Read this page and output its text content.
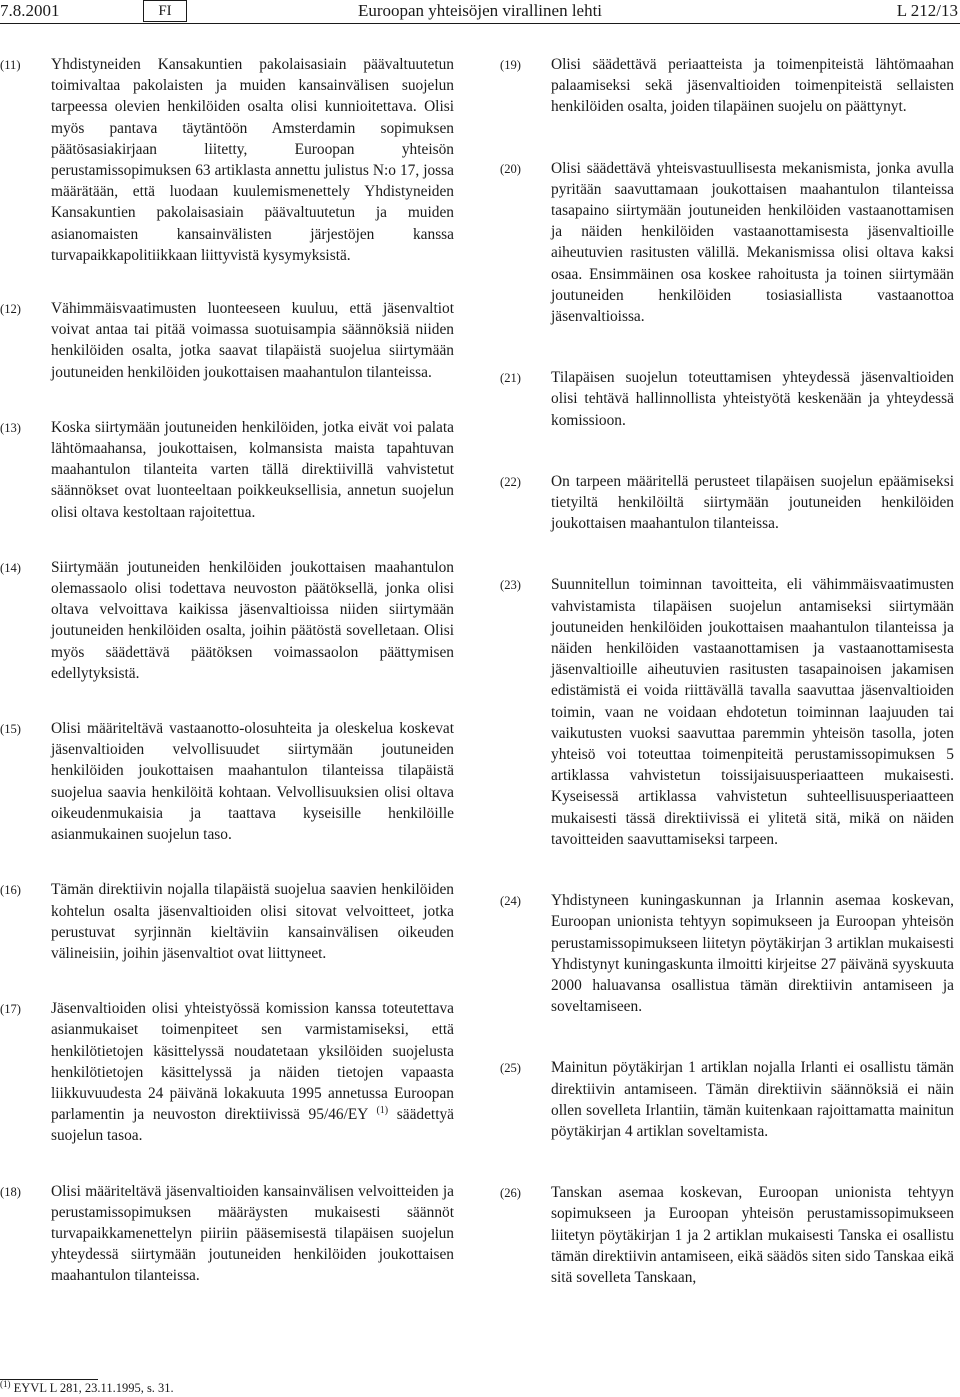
7.8.2001	Euroopan yhteisöjen virallinen lehti
FI	L 212/13
(11) Yhdistyneiden Kansakuntien pakolaisasiain päävaltuutetun toimivaltaa pakolaisten ja muiden kansainvälisen suojelun tarpeessa olevien henkilöiden osalta olisi kunnioitettava. Olisi myös pantava täytäntöön Amsterdamin sopimuksen päätösasiakirjaan liitetty, Euroopan yhteisön perustamissopimuksen 63 artiklasta annettu julistus N:o 17, jossa määrätään, että luodaan kuulemismenettely Yhdistyneiden Kansakuntien pakolaisasiain päävaltuutetun ja muiden asianomaisten kansainvälisten järjestöjen kanssa turvapaikkapolitiikkaan liittyvistä kysymyksistä.
(12) Vähimmäisvaatimusten luonteeseen kuuluu, että jäsenvaltiot voivat antaa tai pitää voimassa suotuisampia säännöksiä niiden henkilöiden osalta, jotka saavat tilapäistä suojelua siirtymään joutuneiden henkilöiden joukottaisen maahantulon tilanteissa.
(13) Koska siirtymään joutuneiden henkilöiden, jotka eivät voi palata lähtömaahansa, joukottaisen, kolmansista maista tapahtuvan maahantulon tilanteita varten tällä direktiivillä vahvistetut säännökset ovat luonteeltaan poikkeuksellisia, annetun suojelun olisi oltava kestoltaan rajoitettua.
(14) Siirtymään joutuneiden henkilöiden joukottaisen maahantulon olemassaolo olisi todettava neuvoston päätöksellä, jonka olisi oltava velvoittava kaikissa jäsenvaltioissa niiden siirtymään joutuneiden henkilöiden osalta, joihin päätöstä sovelletaan. Olisi myös säädettävä päätöksen voimassaolon päättymisen edellytyksistä.
(15) Olisi määriteltävä vastaanotto-olosuhteita ja oleskelua koskevat jäsenvaltioiden velvollisuudet siirtymään joutuneiden henkilöiden joukottaisen maahantulon tilanteissa tilapäistä suojelua saavia henkilöitä kohtaan. Velvollisuuksien olisi oltava oikeudenmukaisia ja taattava kyseisille henkilöille asianmukainen suojelun taso.
(16) Tämän direktiivin nojalla tilapäistä suojelua saavien henkilöiden kohtelun osalta jäsenvaltioiden olisi sitovat velvoitteet, jotka perustuvat syrjinnän kieltäviin kansainvälisen oikeuden välineisiin, joihin jäsenvaltiot ovat liittyneet.
(17) Jäsenvaltioiden olisi yhteistyössä komission kanssa toteutettava asianmukaiset toimenpiteet sen varmistamiseksi, että henkilötietojen käsittelyssä noudatetaan yksilöiden suojelusta henkilötietojen käsittelyssä ja näiden tietojen vapaasta liikkuvuudesta 24 päivänä lokakuuta 1995 annetussa Euroopan parlamentin ja neuvoston direktiivissä 95/46/EY $^{(1)}$ säädettyä suojelun tasoa.
(18) Olisi määriteltävä jäsenvaltioiden kansainvälisen velvoitteiden ja perustamissopimuksen määräysten mukaisesti säännöt turvapaikkamenettelyn piiriin pääsemisestä tilapäisen suojelun yhteydessä siirtymään joutuneiden henkilöiden joukottaisen maahantulon tilanteissa.
(19) Olisi säädettävä periaatteista ja toimenpiteistä lähtömaahan palaamiseksi sekä jäsenvaltioiden toimenpiteistä sellaisten henkilöiden osalta, joiden tilapäinen suojelu on päättynyt.
(20) Olisi säädettävä yhteisvastuullisesta mekanismista, jonka avulla pyritään saavuttamaan joukottaisen maahantulon tilanteissa tasapaino siirtymään joutuneiden henkilöiden vastaanottamisen ja näiden henkilöiden vastaanottamisesta jäsenvaltioille aiheutuvien rasitusten välillä. Mekanismissa olisi oltava kaksi osaa. Ensimmäinen osa koskee rahoitusta ja toinen siirtymään joutuneiden henkilöiden tosiasiallista vastaanottoa jäsenvaltioissa.
(21) Tilapäisen suojelun toteuttamisen yhteydessä jäsenvaltioiden olisi tehtävä hallinnollista yhteistyötä keskenään ja yhteydessä komissioon.
(22) On tarpeen määritellä perusteet tilapäisen suojelun epäämiseksi tietyiltä henkilöiltä siirtymään joutuneiden henkilöiden joukottaisen maahantulon tilanteissa.
(23) Suunnitellun toiminnan tavoitteita, eli vähimmäisvaatimusten vahvistamista tilapäisen suojelun antamiseksi siirtymään joutuneiden henkilöiden joukottaisen maahantulon tilanteissa ja näiden henkilöiden vastaanottamisen ja vastaanottamisesta jäsenvaltioille aiheutuvien rasitusten tasapainoisen jakamisen edistämistä ei voida riittävällä tavalla saavuttaa jäsenvaltioiden toimin, vaan ne voidaan ehdotetun toiminnan laajuuden tai vaikutusten vuoksi saavuttaa paremmin yhteisön tasolla, joten yhteisö voi toteuttaa toimenpiteitä perustamissopimuksen 5 artiklassa vahvistetun toissijaisuusperiaatteen mukaisesti. Kyseisessä artiklassa vahvistetun suhteellisuusperiaatteen mukaisesti tässä direktiivissä ei ylitetä sitä, mikä on näiden tavoitteiden saavuttamiseksi tarpeen.
(24) Yhdistyneen kuningaskunnan ja Irlannin asemaa koskevan, Euroopan unionista tehtyyn sopimukseen ja Euroopan yhteisön perustamissopimukseen liitetyn pöytäkirjan 3 artiklan mukaisesti Yhdistynyt kuningaskunta ilmoitti kirjeitse 27 päivänä syyskuuta 2000 haluavansa osallistua tämän direktiivin antamiseen ja soveltamiseen.
(25) Mainitun pöytäkirjan 1 artiklan nojalla Irlanti ei osallistu tämän direktiivin antamiseen. Tämän direktiivin säännöksiä ei näin ollen sovelleta Irlantiin, tämän kuitenkaan rajoittamatta mainitun pöytäkirjan 4 artiklan soveltamista.
(26) Tanskan asemaa koskevan, Euroopan unionista tehtyyn sopimukseen ja Euroopan yhteisön perustamissopimukseen liitetyn pöytäkirjan 1 ja 2 artiklan mukaisesti Tanska ei osallistu tämän direktiivin antamiseen, eikä säädös siten sido Tanskaa eikä sitä sovelleta Tanskaan,
$^{(1)}$ EYVL L 281, 23.11.1995, s. 31.
